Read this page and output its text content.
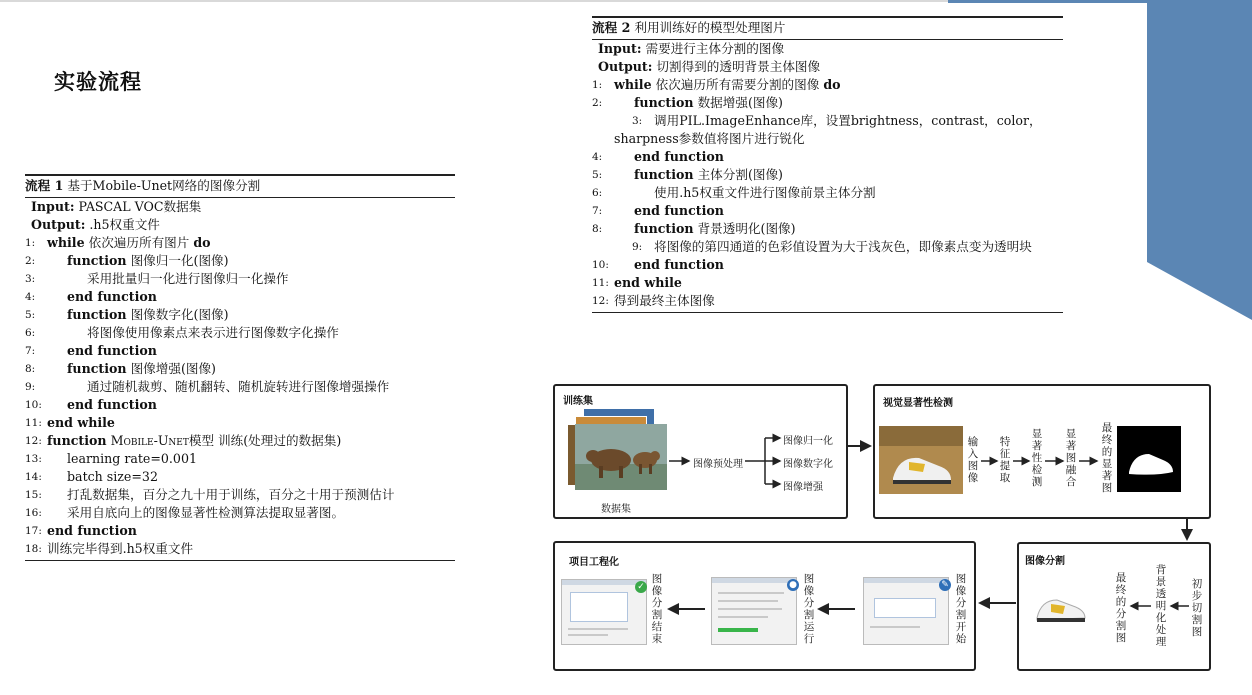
实验流程
流程 1 基于Mobile-Unet网络的图像分割
Input: PASCAL VOC数据集
Output: .h5权重文件
1: while 依次遍历所有图片 do
2:	function 图像归一化(图像)
3:	采用批量归一化进行图像归一化操作
4:	end function
5:	function 图像数字化(图像)
6:	将图像使用像素点来表示进行图像数字化操作
7:	end function
8:	function 图像增强(图像)
9:	通过随机裁剪、随机翻转、随机旋转进行图像增强操作
10: end function
11: end while
12: function Mobile-Unet模型 训练(处理过的数据集)
13: learning rate=0.001
14: batch size=32
15: 打乱数据集，百分之九十用于训练，百分之十用于预测估计
16: 采用自底向上的图像显著性检测算法提取显著图。
17: end function
18: 训练完毕得到.h5权重文件
流程 2 利用训练好的模型处理图片
Input: 需要进行主体分割的图像
Output: 切割得到的透明背景主体图像
1: while 依次遍历所有需要分割的图像 do
2:	function 数据增强(图像)
3: 调用PIL.ImageEnhance库，设置brightness，contrast，color，sharpness参数值将图片进行锐化
4:	end function
5:	function 主体分割(图像)
6:	使用.h5权重文件进行图像前景主体分割
7:	end function
8:	function 背景透明化(图像)
9: 将图像的第四通道的色彩值设置为大于浅灰色，即像素点变为透明块
10: end function
11: end while
12: 得到最终主体图像
训练集
数据集
图像预处理
图像归一化
图像数字化
图像增强
视觉显著性检测
输入图像
特征提取
显著性检测
显著图融合
最终的显著图
图像分割
初步切割图
背景透明化处理
最终的分割图
项目工程化
✓
图像分割结束
● 图像分割运行
✎ 图像分割开始
